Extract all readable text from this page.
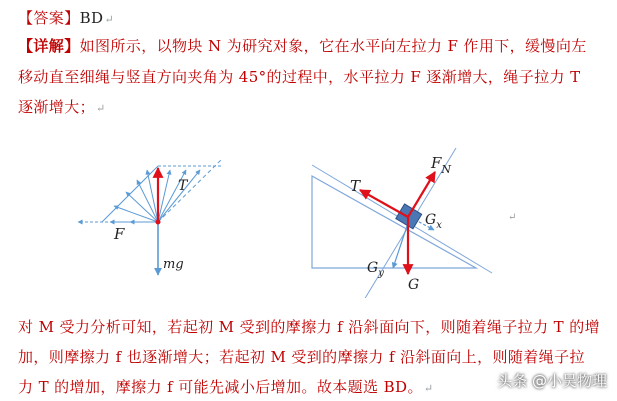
【答案】BD↵
【详解】如图所示，以物块 N 为研究对象，它在水平向左拉力 F 作用下，缓慢向左
移动直至细绳与竖直方向夹角为 45°的过程中，水平拉力 F 逐渐增大，绳子拉力 T
逐渐增大；↵
T
F
mg
T
$F_N$
$G_x$
$G_y$
G
↵
对 M 受力分析可知，若起初 M 受到的摩擦力 f 沿斜面向下，则随着绳子拉力 T 的增
加，则摩擦力 f 也逐渐增大；若起初 M 受到的摩擦力 f 沿斜面向上，则随着绳子拉
力 T 的增加，摩擦力 f 可能先减小后增加。故本题选 BD。↵	头条 @小吴物理
